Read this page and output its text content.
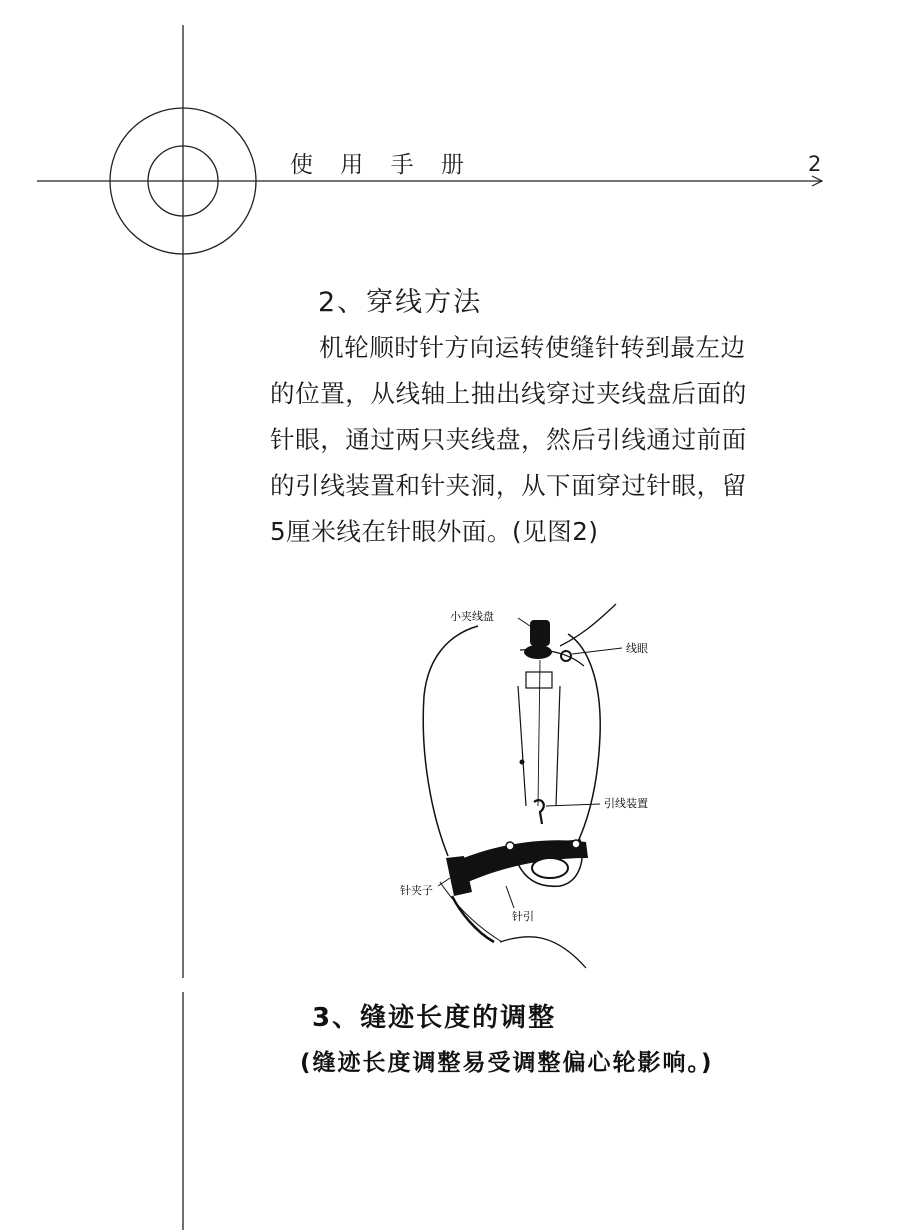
使 用 手 册	2
2、穿线方法

机轮顺时针方向运转使缝针转到最左边的位置，从线轴上抽出线穿过夹线盘后面的针眼，通过两只夹线盘，然后引线通过前面的引线装置和针夹洞，从下面穿过针眼，留5厘米线在针眼外面。(见图2)

小夹线盘
线眼
引线装置
针夹子
针引
3、缝迹长度的调整
(缝迹长度调整易受调整偏心轮影响。)
